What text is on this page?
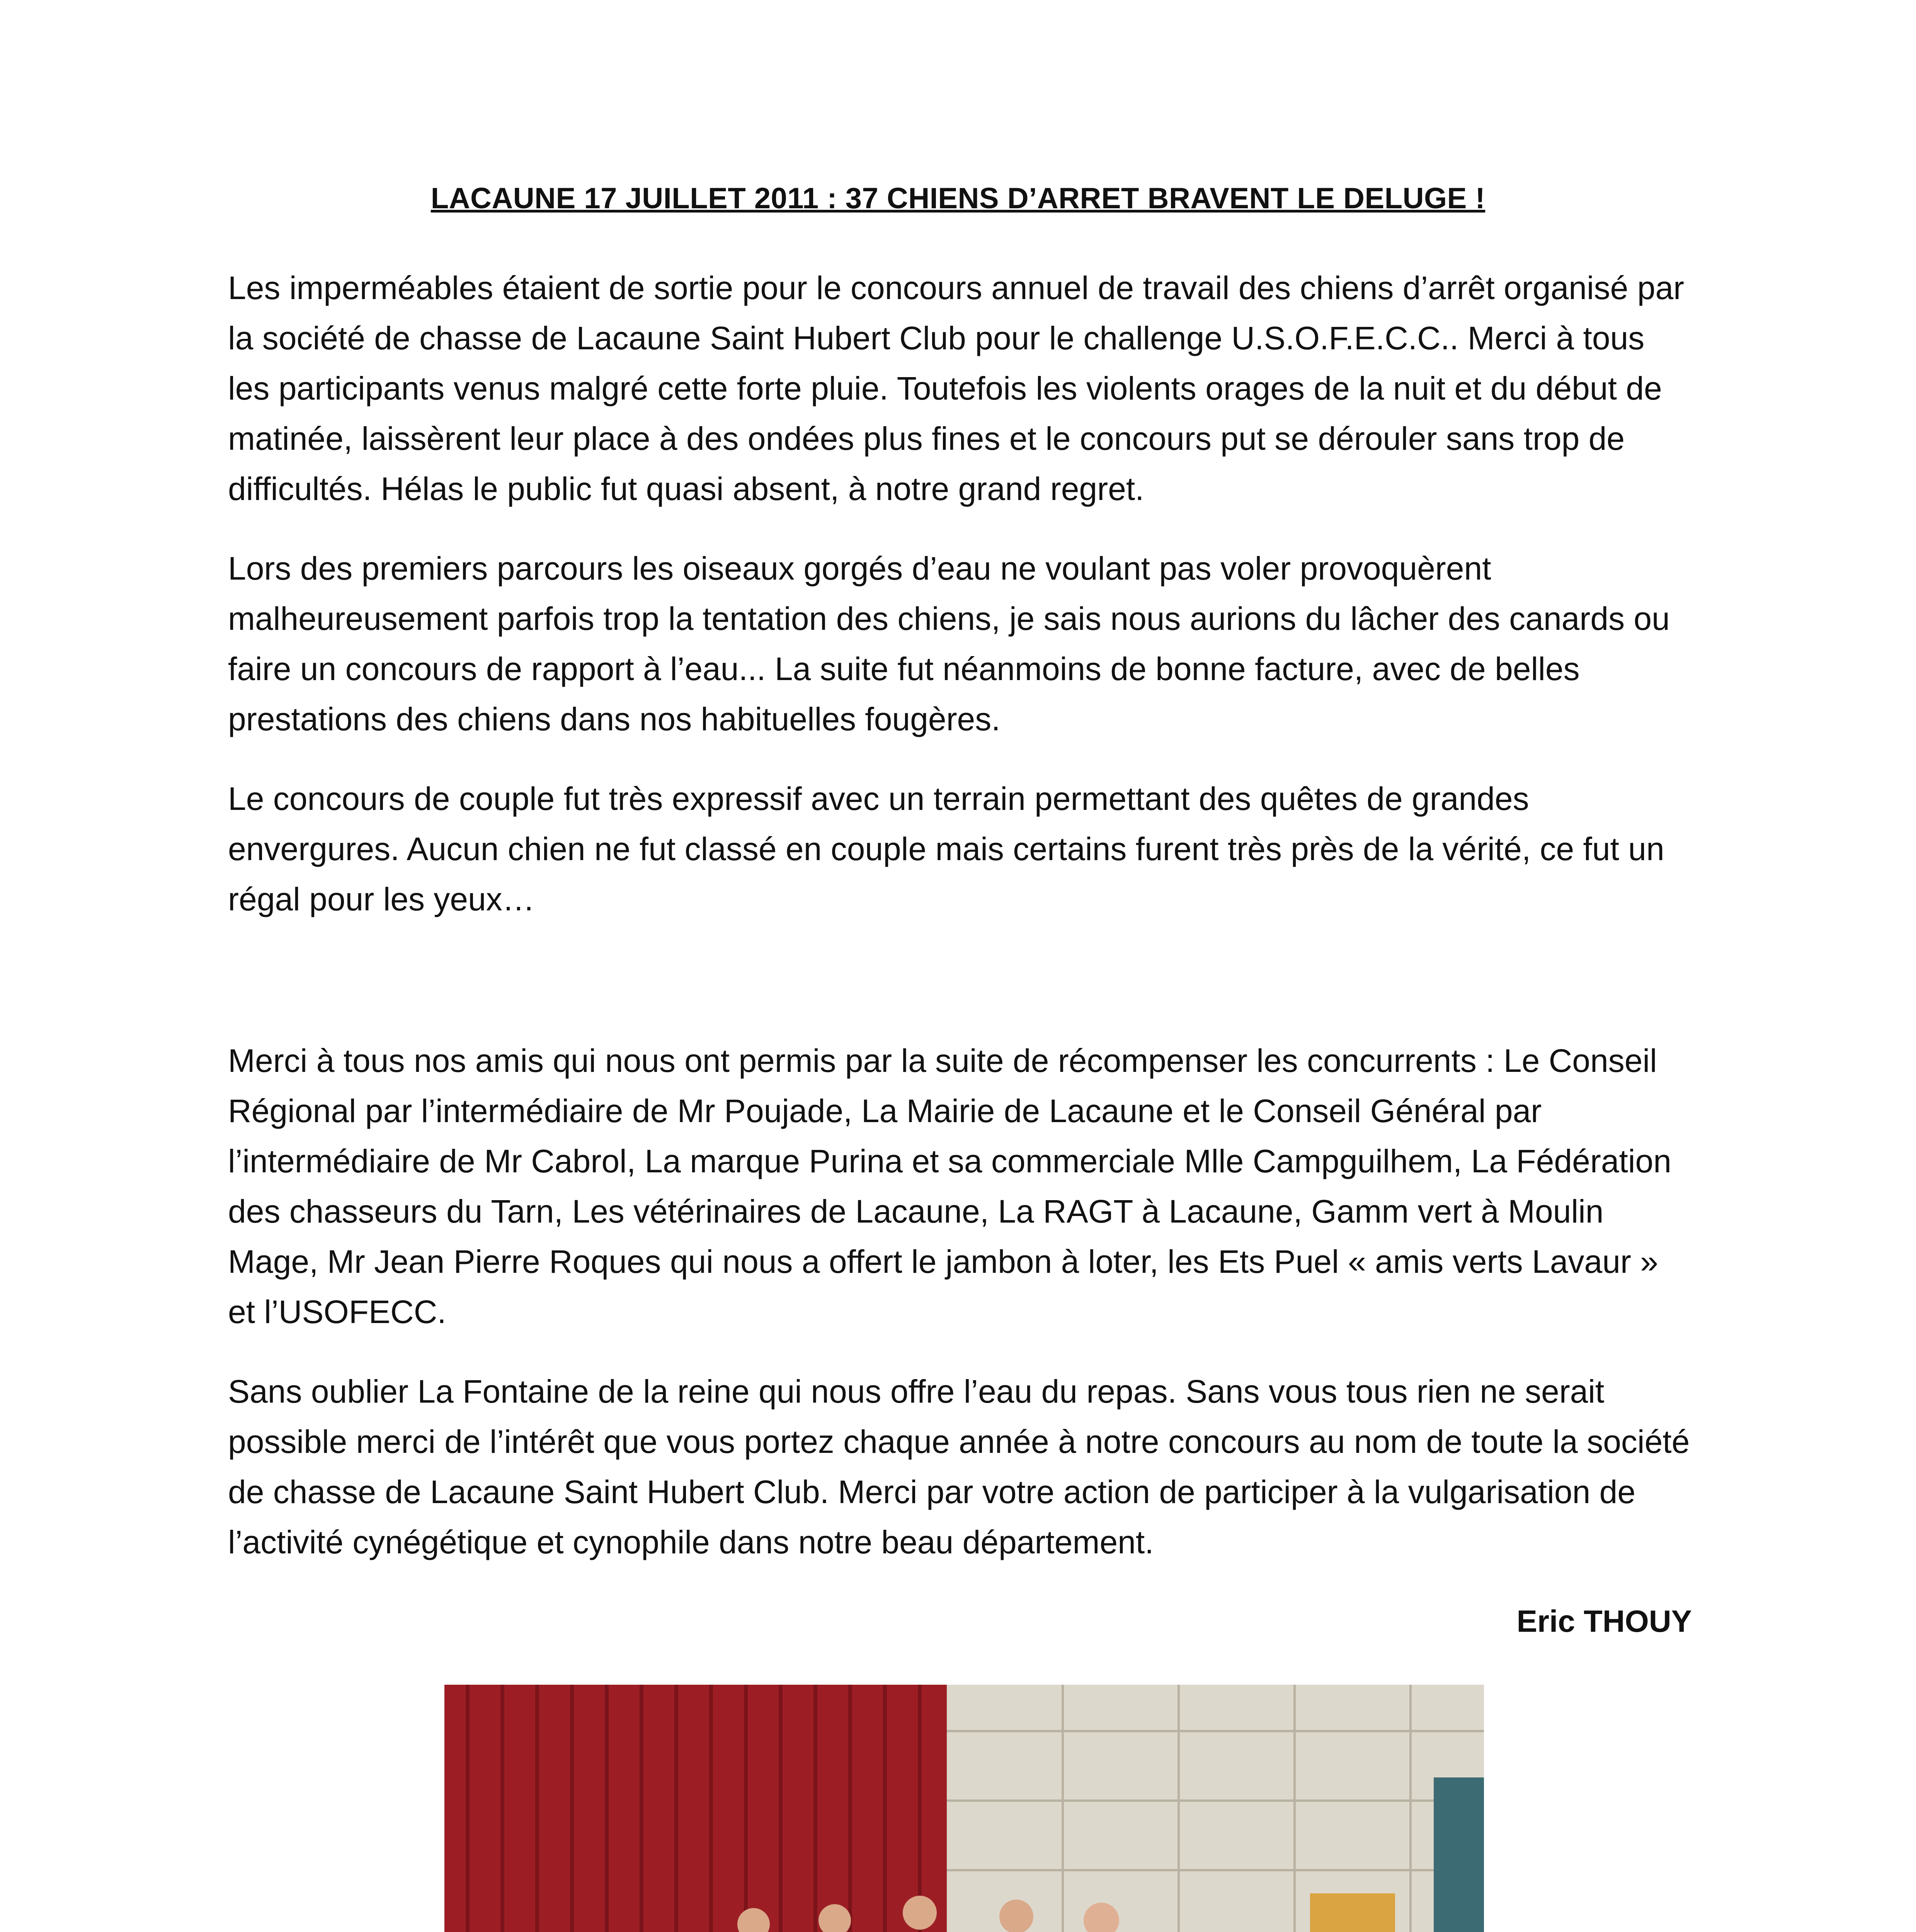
LACAUNE 17 JUILLET 2011 : 37 CHIENS D’ARRET BRAVENT LE DELUGE !

Les imperméables étaient de sortie pour le concours annuel de travail des chiens d’arrêt organisé par la société de chasse de Lacaune Saint Hubert Club pour le challenge U.S.O.F.E.C.C.. Merci à tous les participants venus malgré cette forte pluie. Toutefois les violents orages de la nuit et du début de matinée, laissèrent leur place à des ondées plus fines et le concours put se dérouler sans trop de difficultés. Hélas le public fut quasi absent, à notre grand regret.

Lors des premiers parcours les oiseaux gorgés d’eau ne voulant pas voler provoquèrent malheureusement parfois trop la tentation des chiens, je sais nous aurions du lâcher des canards ou faire un concours de rapport à l’eau... La suite fut néanmoins de bonne facture, avec de belles prestations des chiens dans nos habituelles fougères.

Le concours de couple fut très expressif avec un terrain permettant des quêtes de grandes envergures. Aucun chien ne fut classé en couple mais certains furent très près de la vérité, ce fut un régal pour les yeux…

Merci à tous nos amis qui nous ont permis par la suite de récompenser les concurrents : Le Conseil Régional par l’intermédiaire de Mr Poujade, La Mairie de Lacaune et le Conseil Général par l’intermédiaire de Mr Cabrol, La marque Purina et sa commerciale Mlle Campguilhem, La Fédération des chasseurs du Tarn, Les vétérinaires de Lacaune, La RAGT à Lacaune, Gamm vert à Moulin Mage, Mr Jean Pierre Roques qui nous a offert le jambon à loter, les Ets Puel « amis verts Lavaur » et l’USOFECC.

Sans oublier La Fontaine de la reine qui nous offre l’eau du repas. Sans vous tous rien ne serait possible merci de l’intérêt que vous portez chaque année à notre concours au nom de toute la société de chasse de Lacaune Saint Hubert Club. Merci par votre action de participer à la vulgarisation de l’activité cynégétique et cynophile dans notre beau département.

Eric THOUY
